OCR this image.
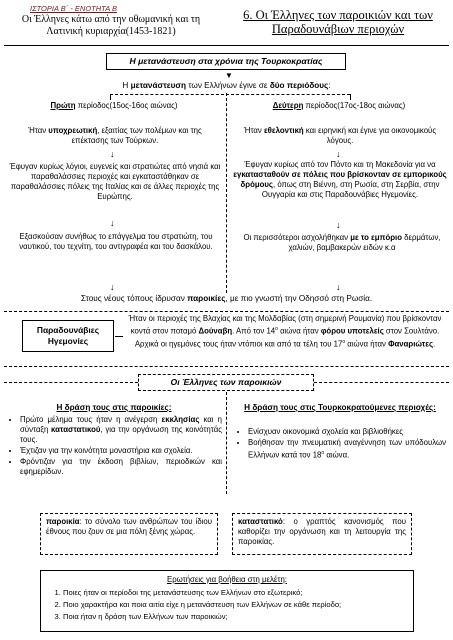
ΙΣΤΟΡΙΑ Β΄ - ΕΝΟΤΗΤΑ Β
Οι Έλληνες κάτω από την οθωμανική και τη Λατινική κυριαρχία(1453-1821)
6. Οι Έλληνες των παροικιών και των Παραδουνάβιων περιοχών
Η μετανάστευση στα χρόνια της Τουρκοκρατίας
▼
Η μετανάστευση των Ελλήνων έγινε σε δύο περιόδους:
Πρώτη περίοδος(15ος-16ος αιώνας)
Ήταν υποχρεωτική, εξαιτίας των πολέμων και της επέκτασης των Τούρκων.
↓
Έφυγαν κυρίως λόγιοι, ευγενείς και στρατιώτες από νησιά και παραθαλάσσιες περιοχές και εγκαταστάθηκαν σε παραθαλάσσιες πόλεις της Ιταλίας και σε άλλες περιοχές της Ευρώπης.
↓
Εξασκούσαν συνήθως το επάγγελμα του στρατιώτη, του ναυτικού, του τεχνίτη, του αντιγραφέα και του δασκάλου.
Δεύτερη περίοδος(17ος-18ος αιώνας)
Ήταν εθελοντική και ειρηνική και έγινε για οικονομικούς λόγους.
↓
Έφυγαν κυρίως από τον Πόντο και τη Μακεδονία για να εγκατασταθούν σε πόλεις που βρίσκονταν σε εμπορικούς δρόμους, όπως στη Βιέννη, στη Ρωσία, στη Σερβία, στην Ουγγαρία και στις Παραδουνάβιες Ηγεμονίες.
↓
Οι περισσότεροι ασχολήθηκαν με το εμπόριο δερμάτων, χαλιών, βαμβακερών ειδών κ.α
↓	↓
Στους νέους τόπους ίδρυσαν παροικίες, με πιο γνωστή την Οδησσό στη Ρωσία.
Παραδουνάβιες Ηγεμονίες
Ήταν οι περιοχές της Βλαχίας και της Μολδαβίας (στη σημερινή Ρουμανία) που βρίσκονταν κοντά στον ποταμό Δούναβη. Από τον $14^o$ αιώνα ήταν φόρου υποτελείς στον Σουλτάνο. Αρχικά οι ηγεμόνες τους ήταν ντόπιοι και από τα τέλη του $17^o$ αιώνα ήταν Φαναριώτες.
Οι Έλληνες των παροικιών
Η δράση τους στις παροικίες:
• Πρώτο μέλημα τους ήταν η ανέγερση εκκλησίας και η σύνταξη καταστατικού, για την οργάνωση της κοινότητάς τους.
• Έχτιζαν για την κοινότητα μοναστήρια και σχολεία.
• Φρόντιζαν για την έκδοση βιβλίων, περιοδικών και εφημερίδων.
Η δράση τους στις Τουρκοκρατούμενες περιοχές:
• Ενίσχυαν οικονομικά σχολεία και βιβλιοθήκες
• Βοήθησαν την πνευματική αναγέννηση των υπόδουλων Ελλήνων κατά τον $18^o$ αιώνα.
παροικία: το σύνολο των ανθρώπων του ίδιου έθνους που ζουν σε μια πόλη ξένης χώρας.
καταστατικό: ο γραπτός κανονισμός που καθορίζει την οργάνωση και τη λειτουργία της παροικίας.
Ερωτήσεις για βοήθεια στη μελέτη:
1. Ποιες ήταν οι περίοδοι της μετανάστευσης των Ελλήνων στο εξωτερικό;
2. Ποιο χαρακτήρα και ποια αιτία είχε η μετανάστευση των Ελλήνων σε κάθε περίοδο;
3. Ποια ήταν η δράση των Ελλήνων των παροικιών;
